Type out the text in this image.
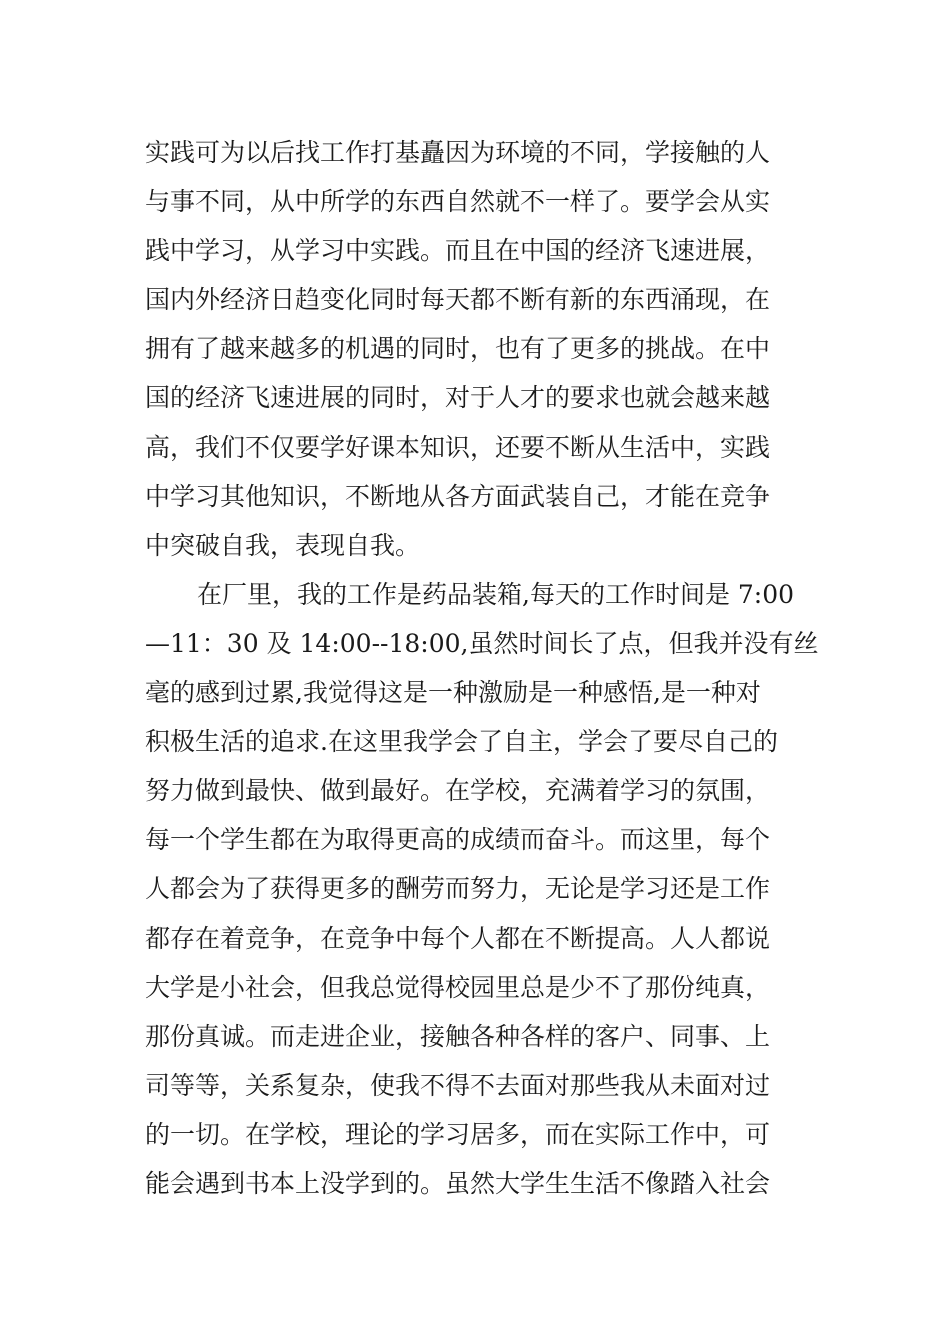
实践可为以后找工作打基矗因为环境的不同，学接触的人
与事不同，从中所学的东西自然就不一样了。要学会从实
践中学习，从学习中实践。而且在中国的经济飞速进展，
国内外经济日趋变化同时每天都不断有新的东西涌现，在
拥有了越来越多的机遇的同时，也有了更多的挑战。在中
国的经济飞速进展的同时，对于人才的要求也就会越来越
高，我们不仅要学好课本知识，还要不断从生活中，实践
中学习其他知识，不断地从各方面武装自己，才能在竞争
中突破自我，表现自我。
在厂里，我的工作是药品装箱,每天的工作时间是 7:00
—11：30 及 14:00--18:00,虽然时间长了点，但我并没有丝
毫的感到过累,我觉得这是一种激励是一种感悟,是一种对
积极生活的追求.在这里我学会了自主，学会了要尽自己的
努力做到最快、做到最好。在学校，充满着学习的氛围，
每一个学生都在为取得更高的成绩而奋斗。而这里，每个
人都会为了获得更多的酬劳而努力，无论是学习还是工作
都存在着竞争，在竞争中每个人都在不断提高。人人都说
大学是小社会，但我总觉得校园里总是少不了那份纯真，
那份真诚。而走进企业，接触各种各样的客户、同事、上
司等等，关系复杂，使我不得不去面对那些我从未面对过
的一切。在学校，理论的学习居多，而在实际工作中，可
能会遇到书本上没学到的。虽然大学生生活不像踏入社会
